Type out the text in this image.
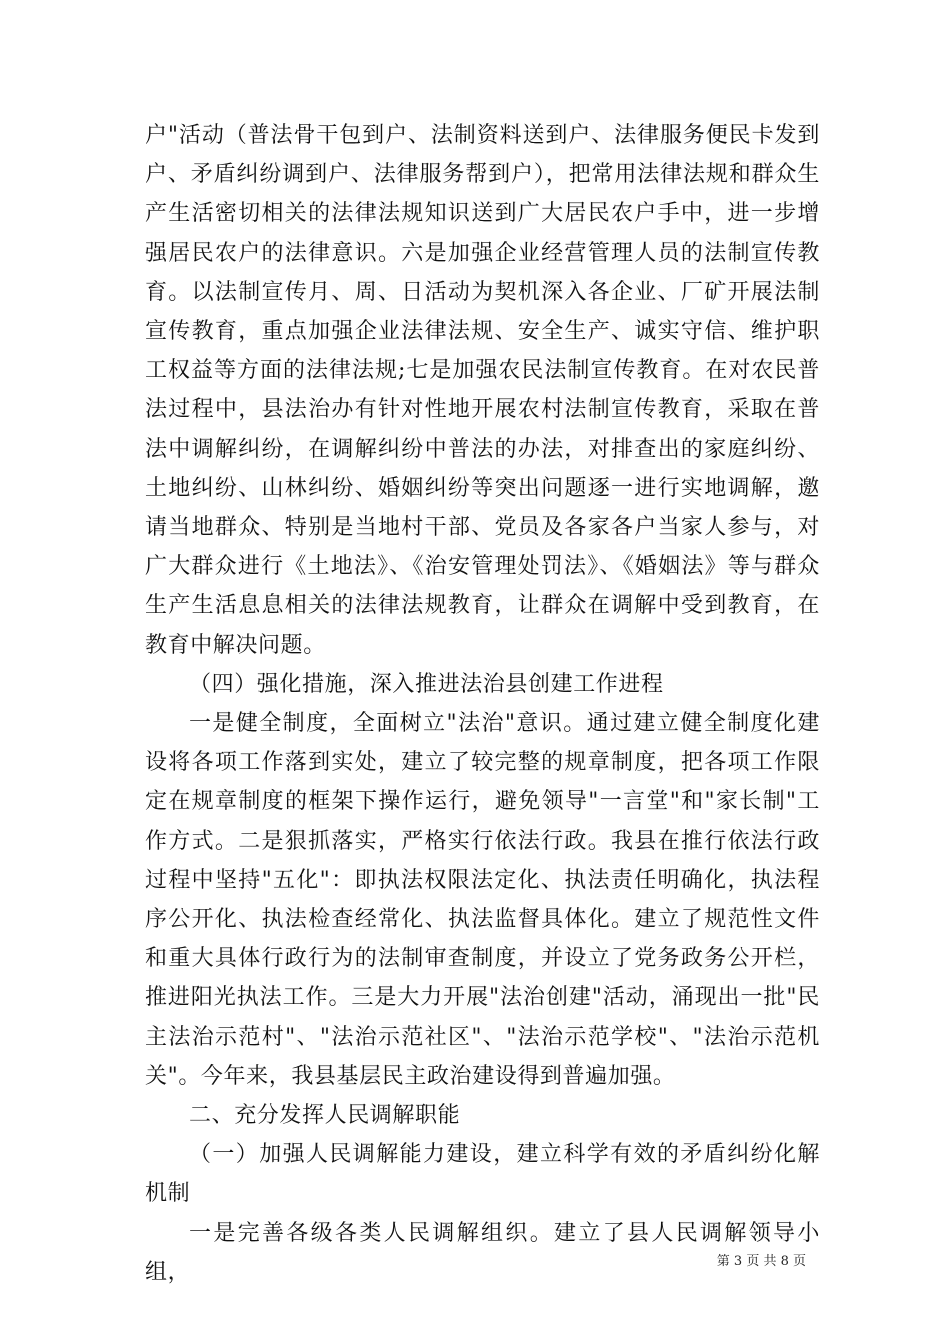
户"活动（普法骨干包到户、法制资料送到户、法律服务便民卡发到户、矛盾纠纷调到户、法律服务帮到户），把常用法律法规和群众生产生活密切相关的法律法规知识送到广大居民农户手中，进一步增强居民农户的法律意识。六是加强企业经营管理人员的法制宣传教育。以法制宣传月、周、日活动为契机深入各企业、厂矿开展法制宣传教育，重点加强企业法律法规、安全生产、诚实守信、维护职工权益等方面的法律法规;七是加强农民法制宣传教育。在对农民普法过程中，县法治办有针对性地开展农村法制宣传教育，采取在普法中调解纠纷，在调解纠纷中普法的办法，对排查出的家庭纠纷、土地纠纷、山林纠纷、婚姻纠纷等突出问题逐一进行实地调解，邀请当地群众、特别是当地村干部、党员及各家各户当家人参与，对广大群众进行《土地法》、《治安管理处罚法》、《婚姻法》等与群众生产生活息息相关的法律法规教育，让群众在调解中受到教育，在教育中解决问题。

（四）强化措施，深入推进法治县创建工作进程

一是健全制度，全面树立"法治"意识。通过建立健全制度化建设将各项工作落到实处，建立了较完整的规章制度，把各项工作限定在规章制度的框架下操作运行，避免领导"一言堂"和"家长制"工作方式。二是狠抓落实，严格实行依法行政。我县在推行依法行政过程中坚持"五化"：即执法权限法定化、执法责任明确化，执法程序公开化、执法检查经常化、执法监督具体化。建立了规范性文件和重大具体行政行为的法制审查制度，并设立了党务政务公开栏，推进阳光执法工作。三是大力开展"法治创建"活动，涌现出一批"民主法治示范村"、"法治示范社区"、"法治示范学校"、"法治示范机关"。今年来，我县基层民主政治建设得到普遍加强。

二、充分发挥人民调解职能

（一）加强人民调解能力建设，建立科学有效的矛盾纠纷化解机制

一是完善各级各类人民调解组织。建立了县人民调解领导小组，	第 3 页 共 8 页
